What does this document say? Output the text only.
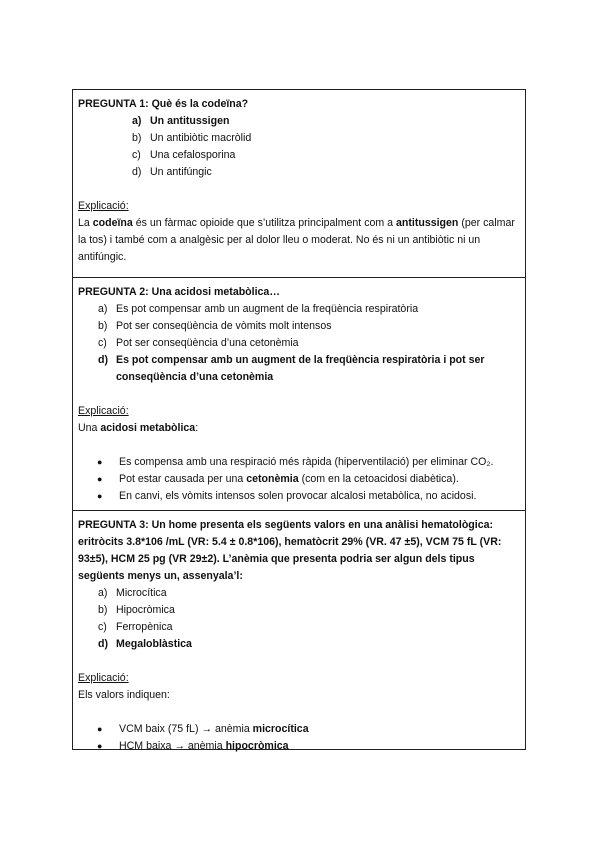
PREGUNTA 1: Què és la codeïna?

a) Un antitussigen
b) Un antibiòtic macròlid
c) Una cefalosporina
d) Un antifúngic

Explicació:

La codeïna és un fàrmac opioide que s’utilitza principalment com a antitussigen (per calmar la tos) i també com a analgèsic per al dolor lleu o moderat. No és ni un antibiòtic ni un antifúngic.

PREGUNTA 2: Una acidosi metabòlica…

a) Es pot compensar amb un augment de la freqüència respiratòria
b) Pot ser conseqüència de vòmits molt intensos
c) Pot ser conseqüència d’una cetonèmia
d) Es pot compensar amb un augment de la freqüència respiratòria i pot ser conseqüència d’una cetonèmia

Explicació:

Una acidosi metabòlica:

●	Es compensa amb una respiració més ràpida (hiperventilació) per eliminar CO₂.
●	Pot estar causada per una cetonèmia (com en la cetoacidosi diabètica).
●	En canvi, els vòmits intensos solen provocar alcalosi metabòlica, no acidosi.

PREGUNTA 3: Un home presenta els següents valors en una anàlisi hematològica: eritròcits 3.8*106 /mL (VR: 5.4 ± 0.8*106), hematòcrit 29% (VR. 47 ±5), VCM 75 fL (VR: 93±5), HCM 25 pg (VR 29±2). L’anèmia que presenta podria ser algun dels tipus següents menys un, assenyala’l:

a) Microcítica
b) Hipocròmica
c) Ferropènica
d) Megaloblàstica

Explicació:

Els valors indiquen:

●	VCM baix (75 fL) → anèmia microcítica
●	HCM baixa → anèmia hipocròmica
